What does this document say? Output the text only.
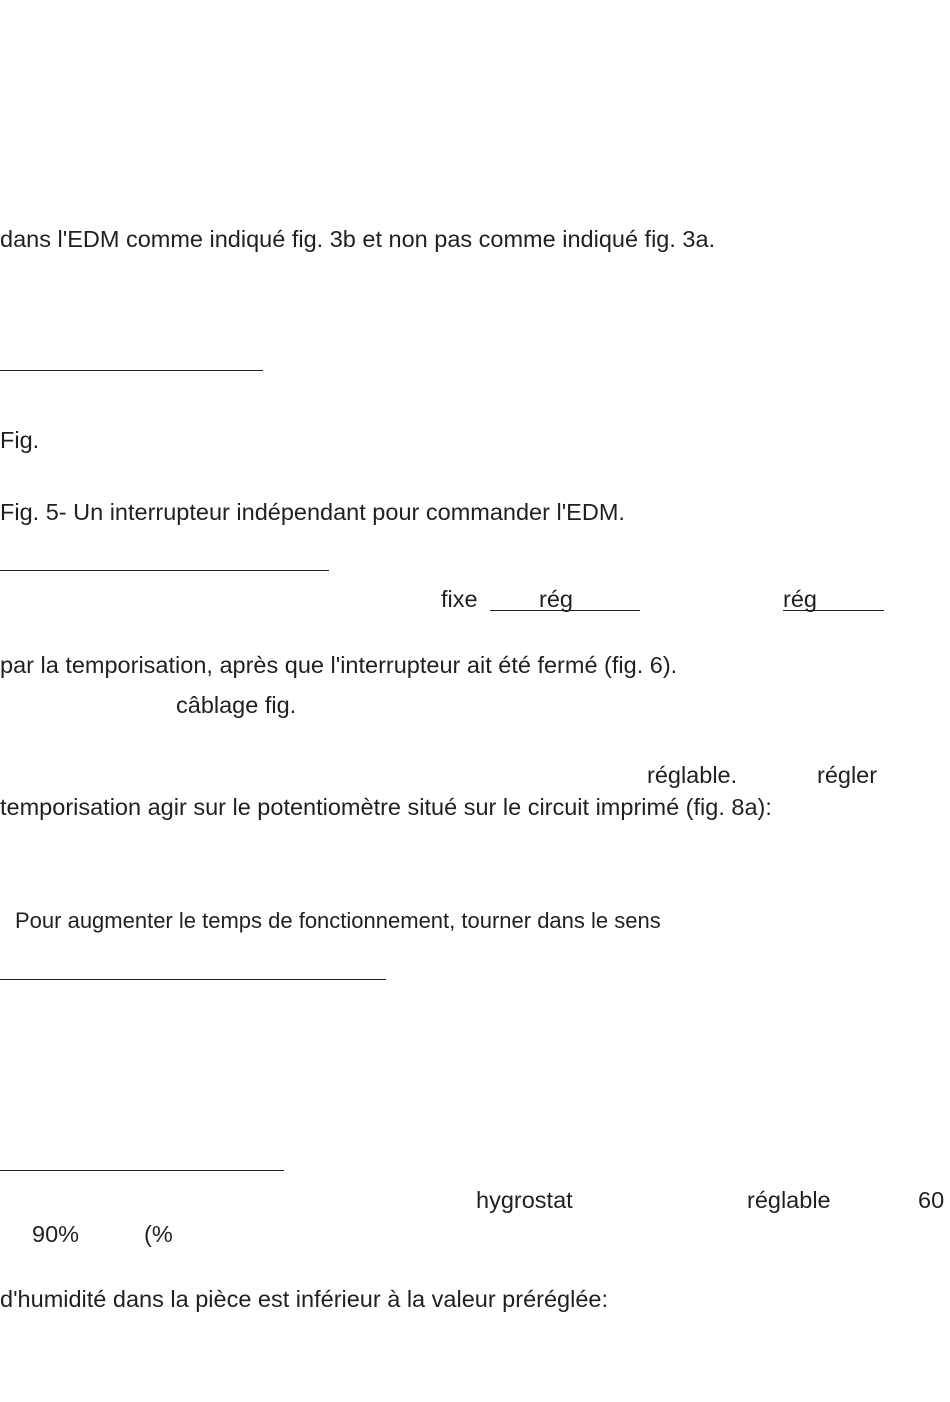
dans l'EDM comme indiqué fig. 3b et non pas comme indiqué fig. 3a.
Fig.
Fig. 5- Un interrupteur indépendant pour commander l'EDM.
fixe	rég	rég
par la temporisation, après que l'interrupteur ait été fermé (fig. 6).
câblage fig.
réglable.	régler
temporisation agir sur le potentiomètre situé sur le circuit imprimé (fig. 8a):
Pour augmenter le temps de fonctionnement, tourner dans le sens
hygrostat	réglable	60
90%	(%
d'humidité dans la pièce est inférieur à la valeur préréglée:
